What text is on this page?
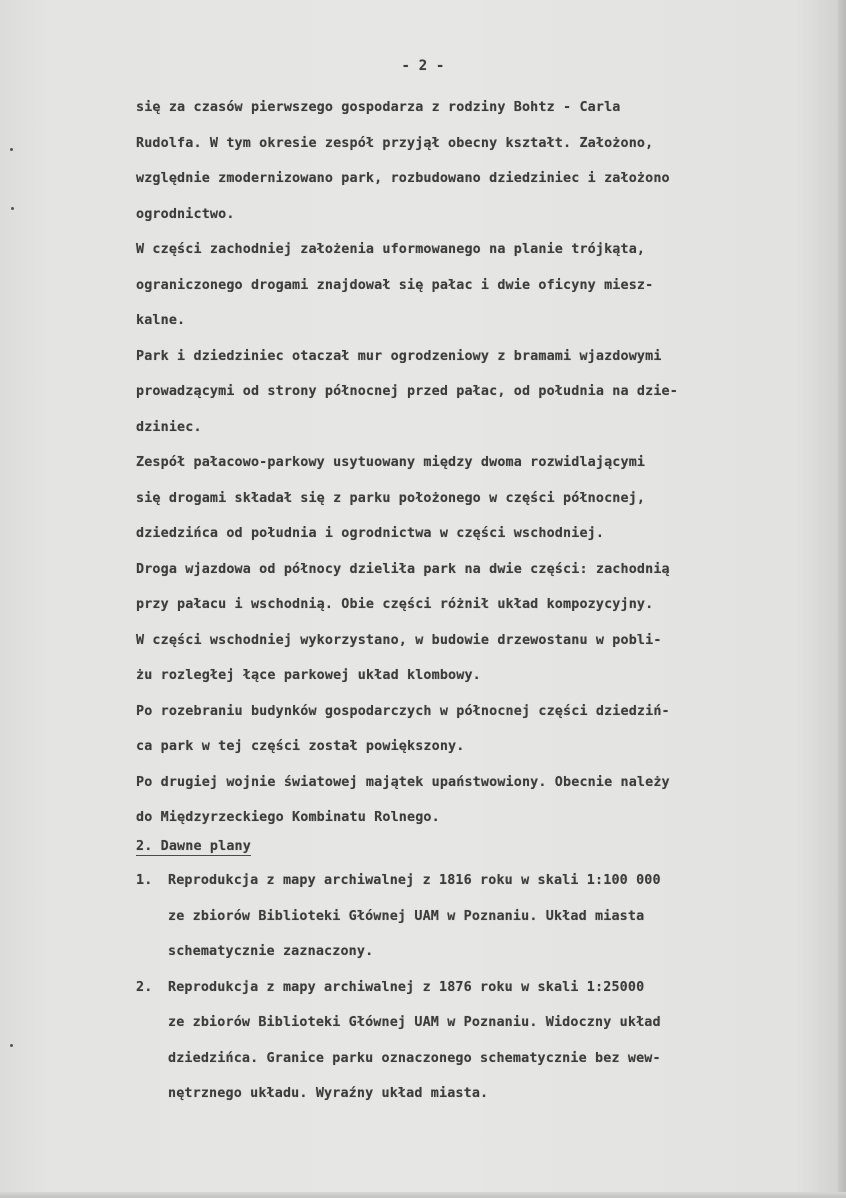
- 2 -
się za czasów pierwszego gospodarza z rodziny Bohtz - Carla
Rudolfa. W tym okresie zespół przyjął obecny kształt. Założono,
względnie zmodernizowano park, rozbudowano dziedziniec i założono
ogrodnictwo.
W części zachodniej założenia uformowanego na planie trójkąta,
ograniczonego drogami znajdował się pałac i dwie oficyny miesz-
kalne.
Park i dziedziniec otaczał mur ogrodzeniowy z bramami wjazdowymi
prowadzącymi od strony północnej przed pałac, od południa na dzie-
dziniec.
Zespół pałacowo-parkowy usytuowany między dwoma rozwidlającymi
się drogami składał się z parku położonego w części północnej,
dziedzińca od południa i ogrodnictwa w części wschodniej.
Droga wjazdowa od północy dzieliła park na dwie części: zachodnią
przy pałacu i wschodnią. Obie części różnił układ kompozycyjny.
W części wschodniej wykorzystano, w budowie drzewostanu w pobli-
żu rozległej łące parkowej układ klombowy.
Po rozebraniu budynków gospodarczych w północnej części dziedziń-
ca park w tej części został powiększony.
Po drugiej wojnie światowej majątek upaństwowiony. Obecnie należy
do Międzyrzeckiego Kombinatu Rolnego.
2. Dawne plany
1. Reprodukcja z mapy archiwalnej z 1816 roku w skali 1:100 000
ze zbiorów Biblioteki Głównej UAM w Poznaniu. Układ miasta
schematycznie zaznaczony.
2. Reprodukcja z mapy archiwalnej z 1876 roku w skali 1:25000
ze zbiorów Biblioteki Głównej UAM w Poznaniu. Widoczny układ
dziedzińca. Granice parku oznaczonego schematycznie bez wew-
nętrznego układu. Wyraźny układ miasta.
